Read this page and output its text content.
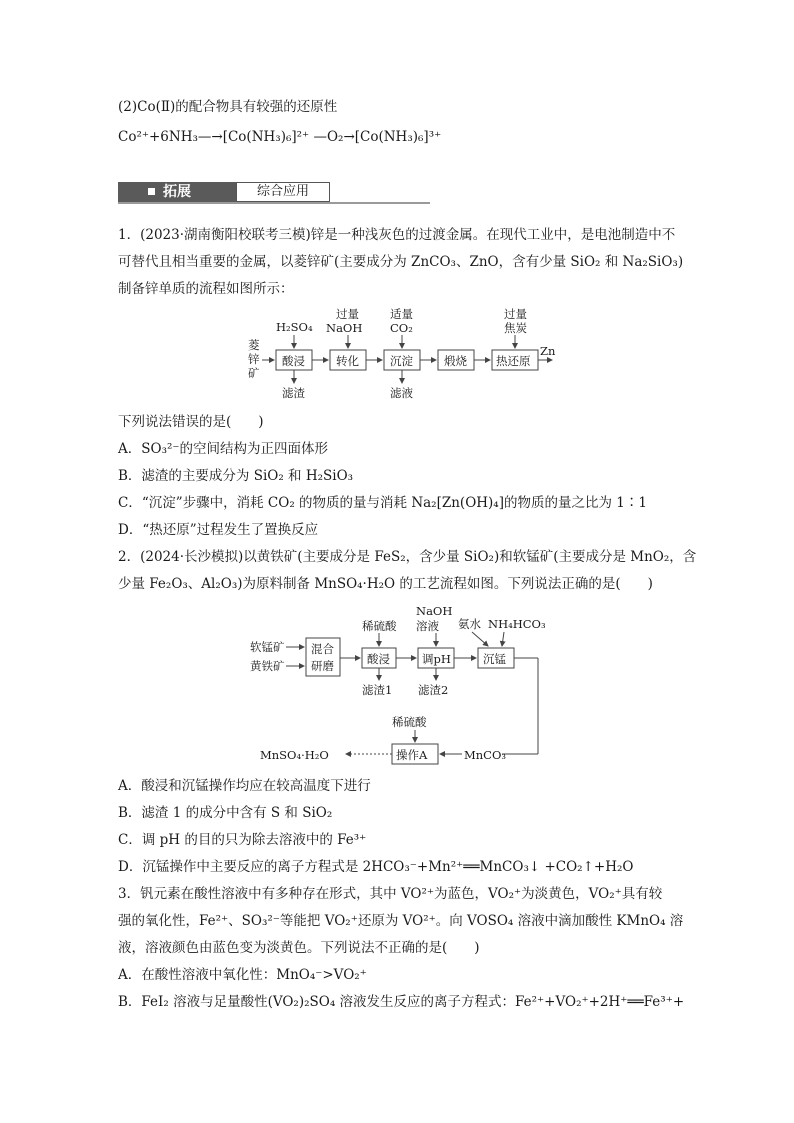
(2)Co(Ⅱ)的配合物具有较强的还原性
Co²⁺+6NH₃—→[Co(NH₃)₆]²⁺ —O₂→[Co(NH₃)₆]³⁺
拓展	综合应用
1．(2023·湖南衡阳校联考三模)锌是一种浅灰色的过渡金属。在现代工业中，是电池制造中不
可替代且相当重要的金属，以菱锌矿(主要成分为 ZnCO₃、ZnO，含有少量 SiO₂ 和 Na₂SiO₃)
制备锌单质的流程如图所示：
菱
锌
矿
酸浸	转化	沉淀	煅烧	热还原
Zn
H₂SO₄
过量
NaOH
适量
CO₂
过量
焦炭
滤渣	滤液
下列说法错误的是(　　)
A．SO₃²⁻的空间结构为正四面体形
B．滤渣的主要成分为 SiO₂ 和 H₂SiO₃
C．“沉淀”步骤中，消耗 CO₂ 的物质的量与消耗 Na₂[Zn(OH)₄]的物质的量之比为 1∶1
D．“热还原”过程发生了置换反应
2．(2024·长沙模拟)以黄铁矿(主要成分是 FeS₂，含少量 SiO₂)和软锰矿(主要成分是 MnO₂，含
少量 Fe₂O₃、Al₂O₃)为原料制备 MnSO₄·H₂O 的工艺流程如图。下列说法正确的是(　　)
软锰矿
黄铁矿
混合
研磨	酸浸	调pH	沉锰
稀硫酸
NaOH
溶液 氨水 NH₄HCO₃
滤渣1 滤渣2
MnCO₃
操作A
稀硫酸
MnSO₄·H₂O
A．酸浸和沉锰操作均应在较高温度下进行
B．滤渣 1 的成分中含有 S 和 SiO₂
C．调 pH 的目的只为除去溶液中的 Fe³⁺
D．沉锰操作中主要反应的离子方程式是 2HCO₃⁻+Mn²⁺══MnCO₃↓ +CO₂↑+H₂O
3．钒元素在酸性溶液中有多种存在形式，其中 VO²⁺为蓝色，VO₂⁺为淡黄色，VO₂⁺具有较
强的氧化性，Fe²⁺、SO₃²⁻等能把 VO₂⁺还原为 VO²⁺。向 VOSO₄ 溶液中滴加酸性 KMnO₄ 溶
液，溶液颜色由蓝色变为淡黄色。下列说法不正确的是(　　)
A．在酸性溶液中氧化性：MnO₄⁻>VO₂⁺
B．FeI₂ 溶液与足量酸性(VO₂)₂SO₄ 溶液发生反应的离子方程式：Fe²⁺+VO₂⁺+2H⁺══Fe³⁺+
